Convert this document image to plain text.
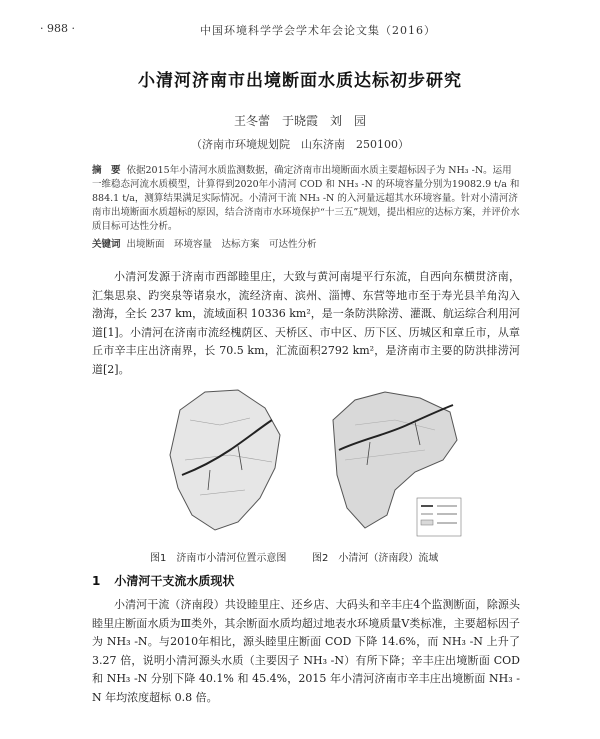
· 988 ·	中国环境科学学会学术年会论文集（2016）
小清河济南市出境断面水质达标初步研究
王冬蕾　于晓霞　刘　园
（济南市环境规划院　山东济南　250100）
摘　要 依据2015年小清河水质监测数据，确定济南市出境断面水质主要超标因子为 NH₃ -N。运用一维稳态河流水质模型，计算得到2020年小清河 COD 和 NH₃ -N 的环境容量分别为19082.9 t/a 和884.1 t/a，测算结果满足实际情况。小清河干流 NH₃ -N 的入河量远超其水环境容量。针对小清河济南市出境断面水质超标的原因，结合济南市水环境保护“十三五”规划，提出相应的达标方案，并评价水质目标可达性分析。
关键词 出境断面　环境容量　达标方案　可达性分析
小清河发源于济南市西部睦里庄，大致与黄河南堤平行东流，自西向东横贯济南，汇集思泉、趵突泉等诸泉水，流经济南、滨州、淄博、东营等地市至于寿光县羊角沟入渤海，全长 237 km，流域面积 10336 km²，是一条防洪除涝、灌溉、航运综合利用河道[1]。小清河在济南市流经槐荫区、天桥区、市中区、历下区、历城区和章丘市，从章丘市辛丰庄出济南界，长 70.5 km，汇流面积2792 km²，是济南市主要的防洪排涝河道[2]。
图1　济南市小清河位置示意图	图2　小清河（济南段）流域
1 小清河干支流水质现状
小清河干流（济南段）共设睦里庄、还乡店、大码头和辛丰庄4个监测断面，除源头睦里庄断面水质为Ⅲ类外，其余断面水质均超过地表水环境质量Ⅴ类标准，主要超标因子为 NH₃ -N。与2010年相比，源头睦里庄断面 COD 下降 14.6%，而 NH₃ -N 上升了 3.27 倍，说明小清河源头水质（主要因子 NH₃ -N）有所下降；辛丰庄出境断面 COD 和 NH₃ -N 分别下降 40.1% 和 45.4%，2015 年小清河济南市辛丰庄出境断面 NH₃ -N 年均浓度超标 0.8 倍。
